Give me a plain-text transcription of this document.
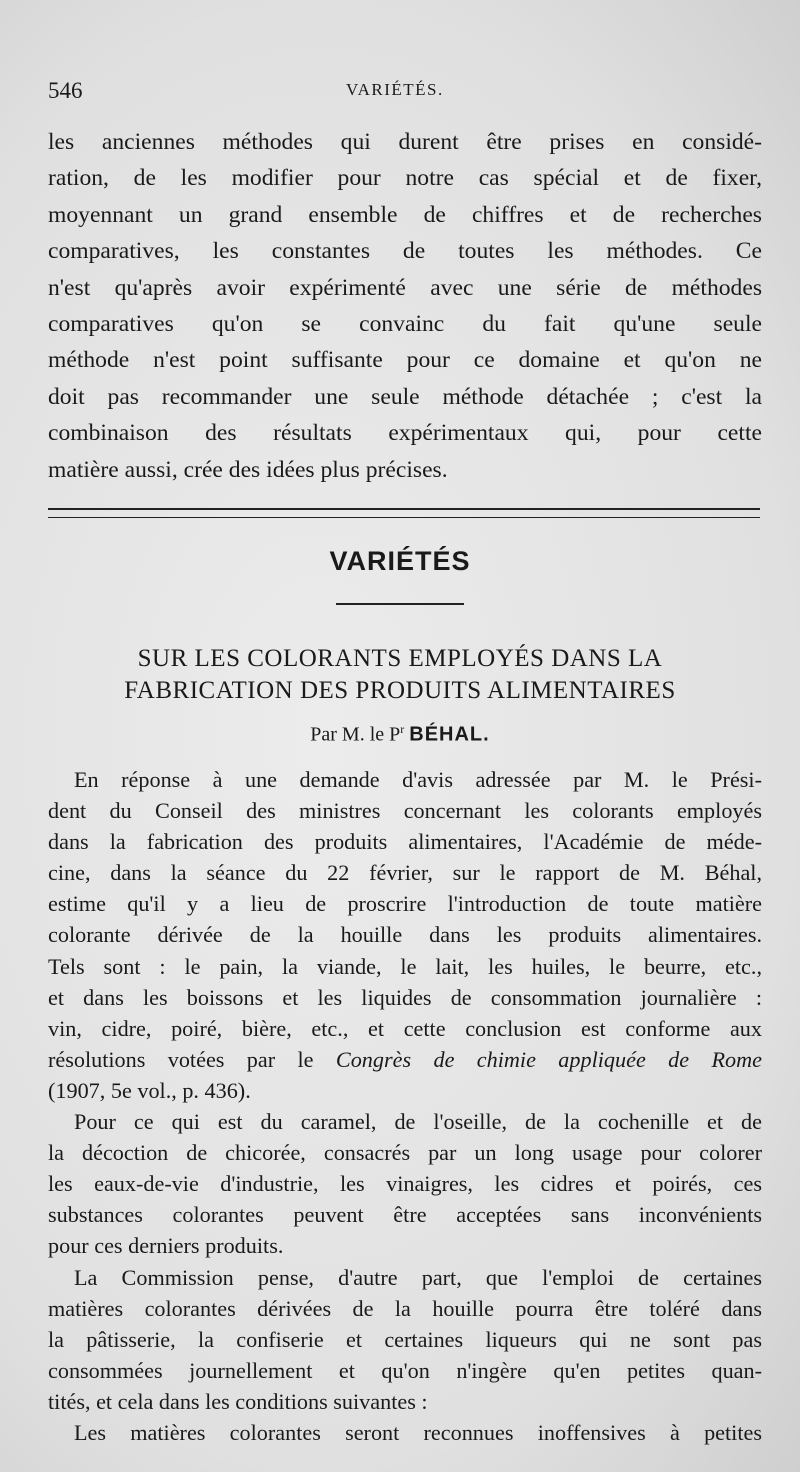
546	VARIÉTÉS.
les anciennes méthodes qui durent être prises en considé-
ration, de les modifier pour notre cas spécial et de fixer,
moyennant un grand ensemble de chiffres et de recherches
comparatives, les constantes de toutes les méthodes. Ce
n'est qu'après avoir expérimenté avec une série de méthodes
comparatives qu'on se convainc du fait qu'une seule
méthode n'est point suffisante pour ce domaine et qu'on ne
doit pas recommander une seule méthode détachée ; c'est la
combinaison des résultats expérimentaux qui, pour cette
matière aussi, crée des idées plus précises.
VARIÉTÉS
SUR LES COLORANTS EMPLOYÉS DANS LA
FABRICATION DES PRODUITS ALIMENTAIRES
Par M. le $P^r$ BÉHAL.
En réponse à une demande d'avis adressée par M. le Prési-
dent du Conseil des ministres concernant les colorants employés
dans la fabrication des produits alimentaires, l'Académie de méde-
cine, dans la séance du 22 février, sur le rapport de M. Béhal,
estime qu'il y a lieu de proscrire l'introduction de toute matière
colorante dérivée de la houille dans les produits alimentaires.
Tels sont : le pain, la viande, le lait, les huiles, le beurre, etc.,
et dans les boissons et les liquides de consommation journalière :
vin, cidre, poiré, bière, etc., et cette conclusion est conforme aux
résolutions votées par le Congrès de chimie appliquée de Rome
(1907, 5e vol., p. 436).
Pour ce qui est du caramel, de l'oseille, de la cochenille et de
la décoction de chicorée, consacrés par un long usage pour colorer
les eaux-de-vie d'industrie, les vinaigres, les cidres et poirés, ces
substances colorantes peuvent être acceptées sans inconvénients
pour ces derniers produits.
La Commission pense, d'autre part, que l'emploi de certaines
matières colorantes dérivées de la houille pourra être toléré dans
la pâtisserie, la confiserie et certaines liqueurs qui ne sont pas
consommées journellement et qu'on n'ingère qu'en petites quan-
tités, et cela dans les conditions suivantes :
Les matières colorantes seront reconnues inoffensives à petites
